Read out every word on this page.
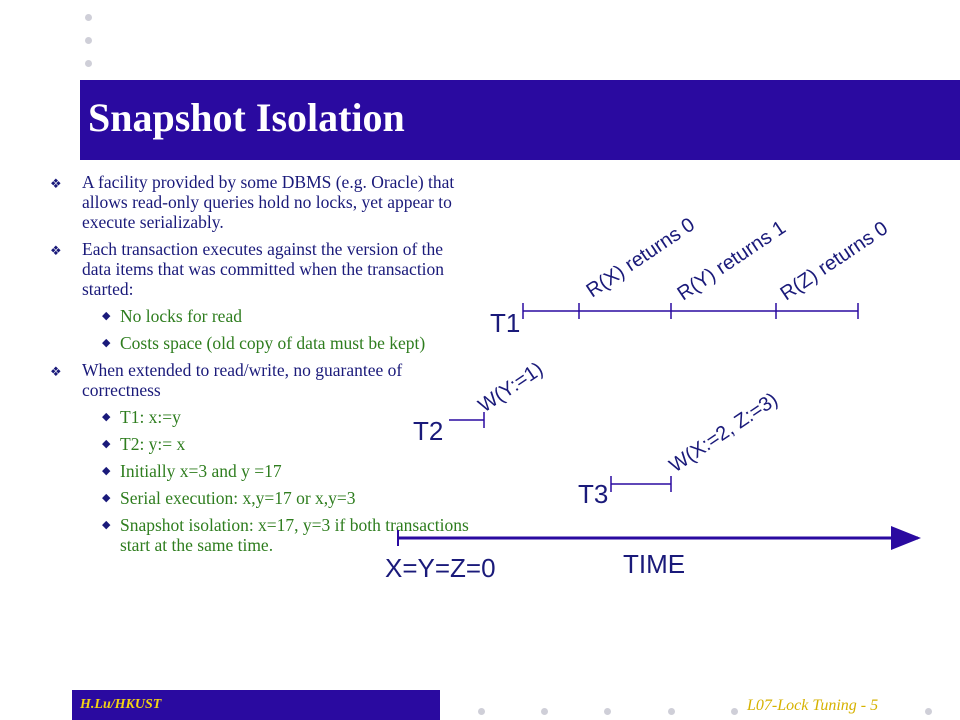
Snapshot Isolation
❖ A facility provided by some DBMS (e.g. Oracle) that allows read-only queries hold no locks, yet appear to execute serializably.
❖ Each transaction executes against the version of the data items that was committed when the transaction started:
◆ No locks for read
◆ Costs space (old copy of data must be kept)
❖ When extended to read/write, no guarantee of correctness
◆ T1: x:=y
◆ T2: y:= x
◆ Initially x=3 and y =17
◆ Serial execution: x,y=17 or x,y=3
◆ Snapshot isolation: x=17, y=3 if both transactions start at the same time.
T1
R(X) returns 0
R(Y) returns 1
R(Z) returns 0
T2
W(Y:=1)
T3
W(X:=2, Z:=3)
X=Y=Z=0	TIME
H.Lu/HKUST	L07-Lock Tuning - 5
